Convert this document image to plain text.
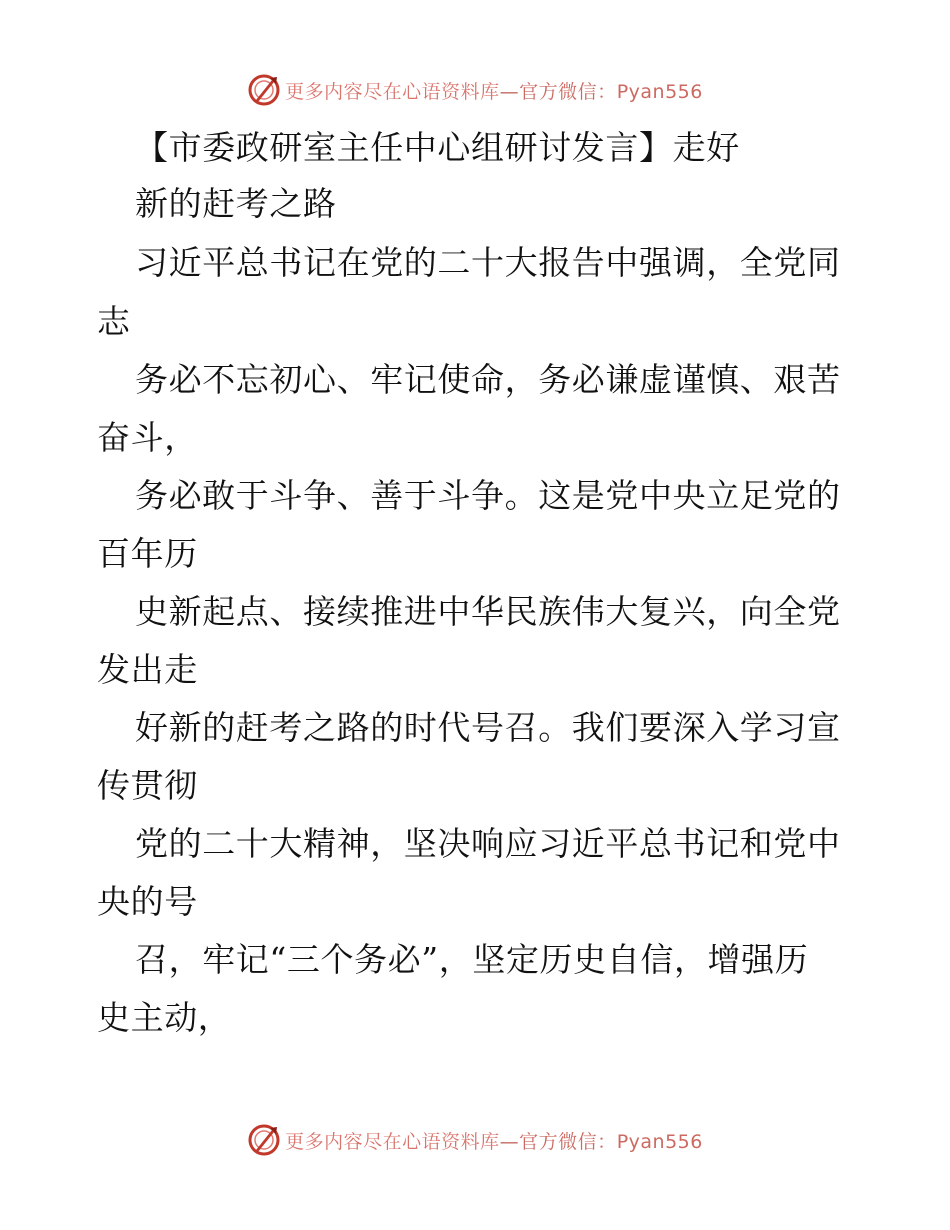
更多内容尽在心语资料库—官方微信：Pyan556
【市委政研室主任中心组研讨发言】走好
新的赶考之路
习近平总书记在党的二十大报告中强调，全党同
志
务必不忘初心、牢记使命，务必谦虚谨慎、艰苦
奋斗，
务必敢于斗争、善于斗争。这是党中央立足党的
百年历
史新起点、接续推进中华民族伟大复兴，向全党
发出走
好新的赶考之路的时代号召。我们要深入学习宣
传贯彻
党的二十大精神，坚决响应习近平总书记和党中
央的号
召，牢记“三个务必”，坚定历史自信，增强历
史主动，
更多内容尽在心语资料库—官方微信：Pyan556
